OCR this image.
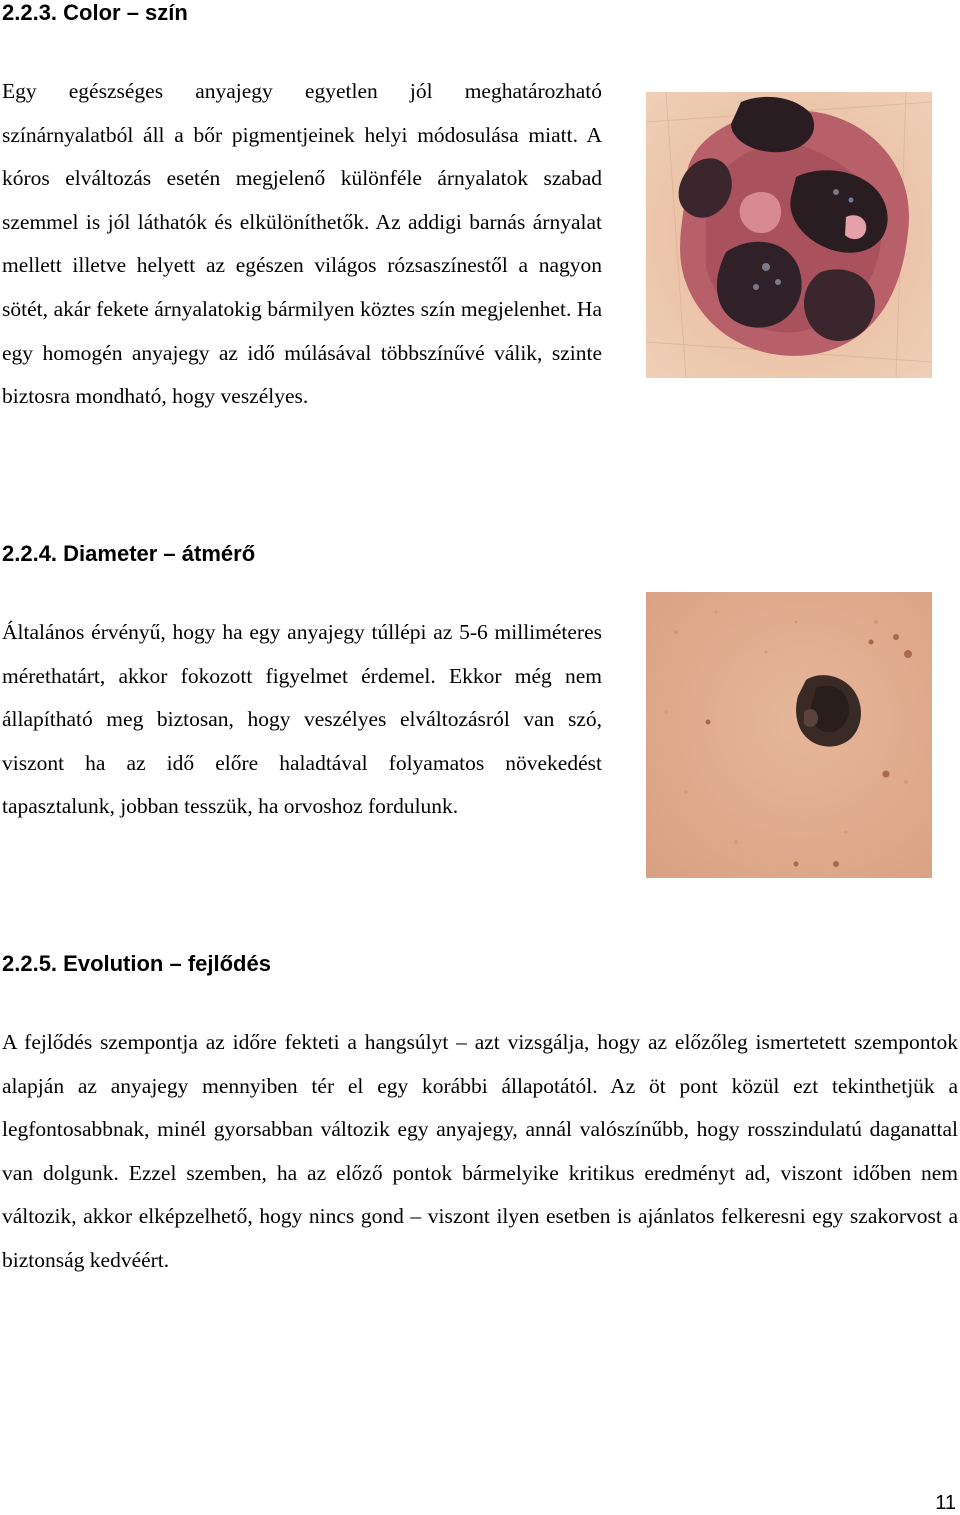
2.2.3. Color – szín

Egy egészséges anyajegy egyetlen jól meghatározható színárnyalatból áll a bőr pigmentjeinek helyi módosulása miatt. A kóros elváltozás esetén megjelenő különféle árnyalatok szabad szemmel is jól láthatók és elkülöníthetők. Az addigi barnás árnyalat mellett illetve helyett az egészen világos rózsaszínestől a nagyon sötét, akár fekete árnyalatokig bármilyen köztes szín megjelenhet. Ha egy homogén anyajegy az idő múlásával többszínűvé válik, szinte biztosra mondható, hogy veszélyes.

2.2.4. Diameter – átmérő

Általános érvényű, hogy ha egy anyajegy túllépi az 5-6 milliméteres mérethatárt, akkor fokozott figyelmet érdemel. Ekkor még nem állapítható meg biztosan, hogy veszélyes elváltozásról van szó, viszont ha az idő előre haladtával folyamatos növekedést tapasztalunk, jobban tesszük, ha orvoshoz fordulunk.

2.2.5. Evolution – fejlődés

A fejlődés szempontja az időre fekteti a hangsúlyt – azt vizsgálja, hogy az előzőleg ismertetett szempontok alapján az anyajegy mennyiben tér el egy korábbi állapotától. Az öt pont közül ezt tekinthetjük a legfontosabbnak, minél gyorsabban változik egy anyajegy, annál valószínűbb, hogy rosszindulatú daganattal van dolgunk. Ezzel szemben, ha az előző pontok bármelyike kritikus eredményt ad, viszont időben nem változik, akkor elképzelhető, hogy nincs gond – viszont ilyen esetben is ajánlatos felkeresni egy szakorvost a biztonság kedvéért.

11
